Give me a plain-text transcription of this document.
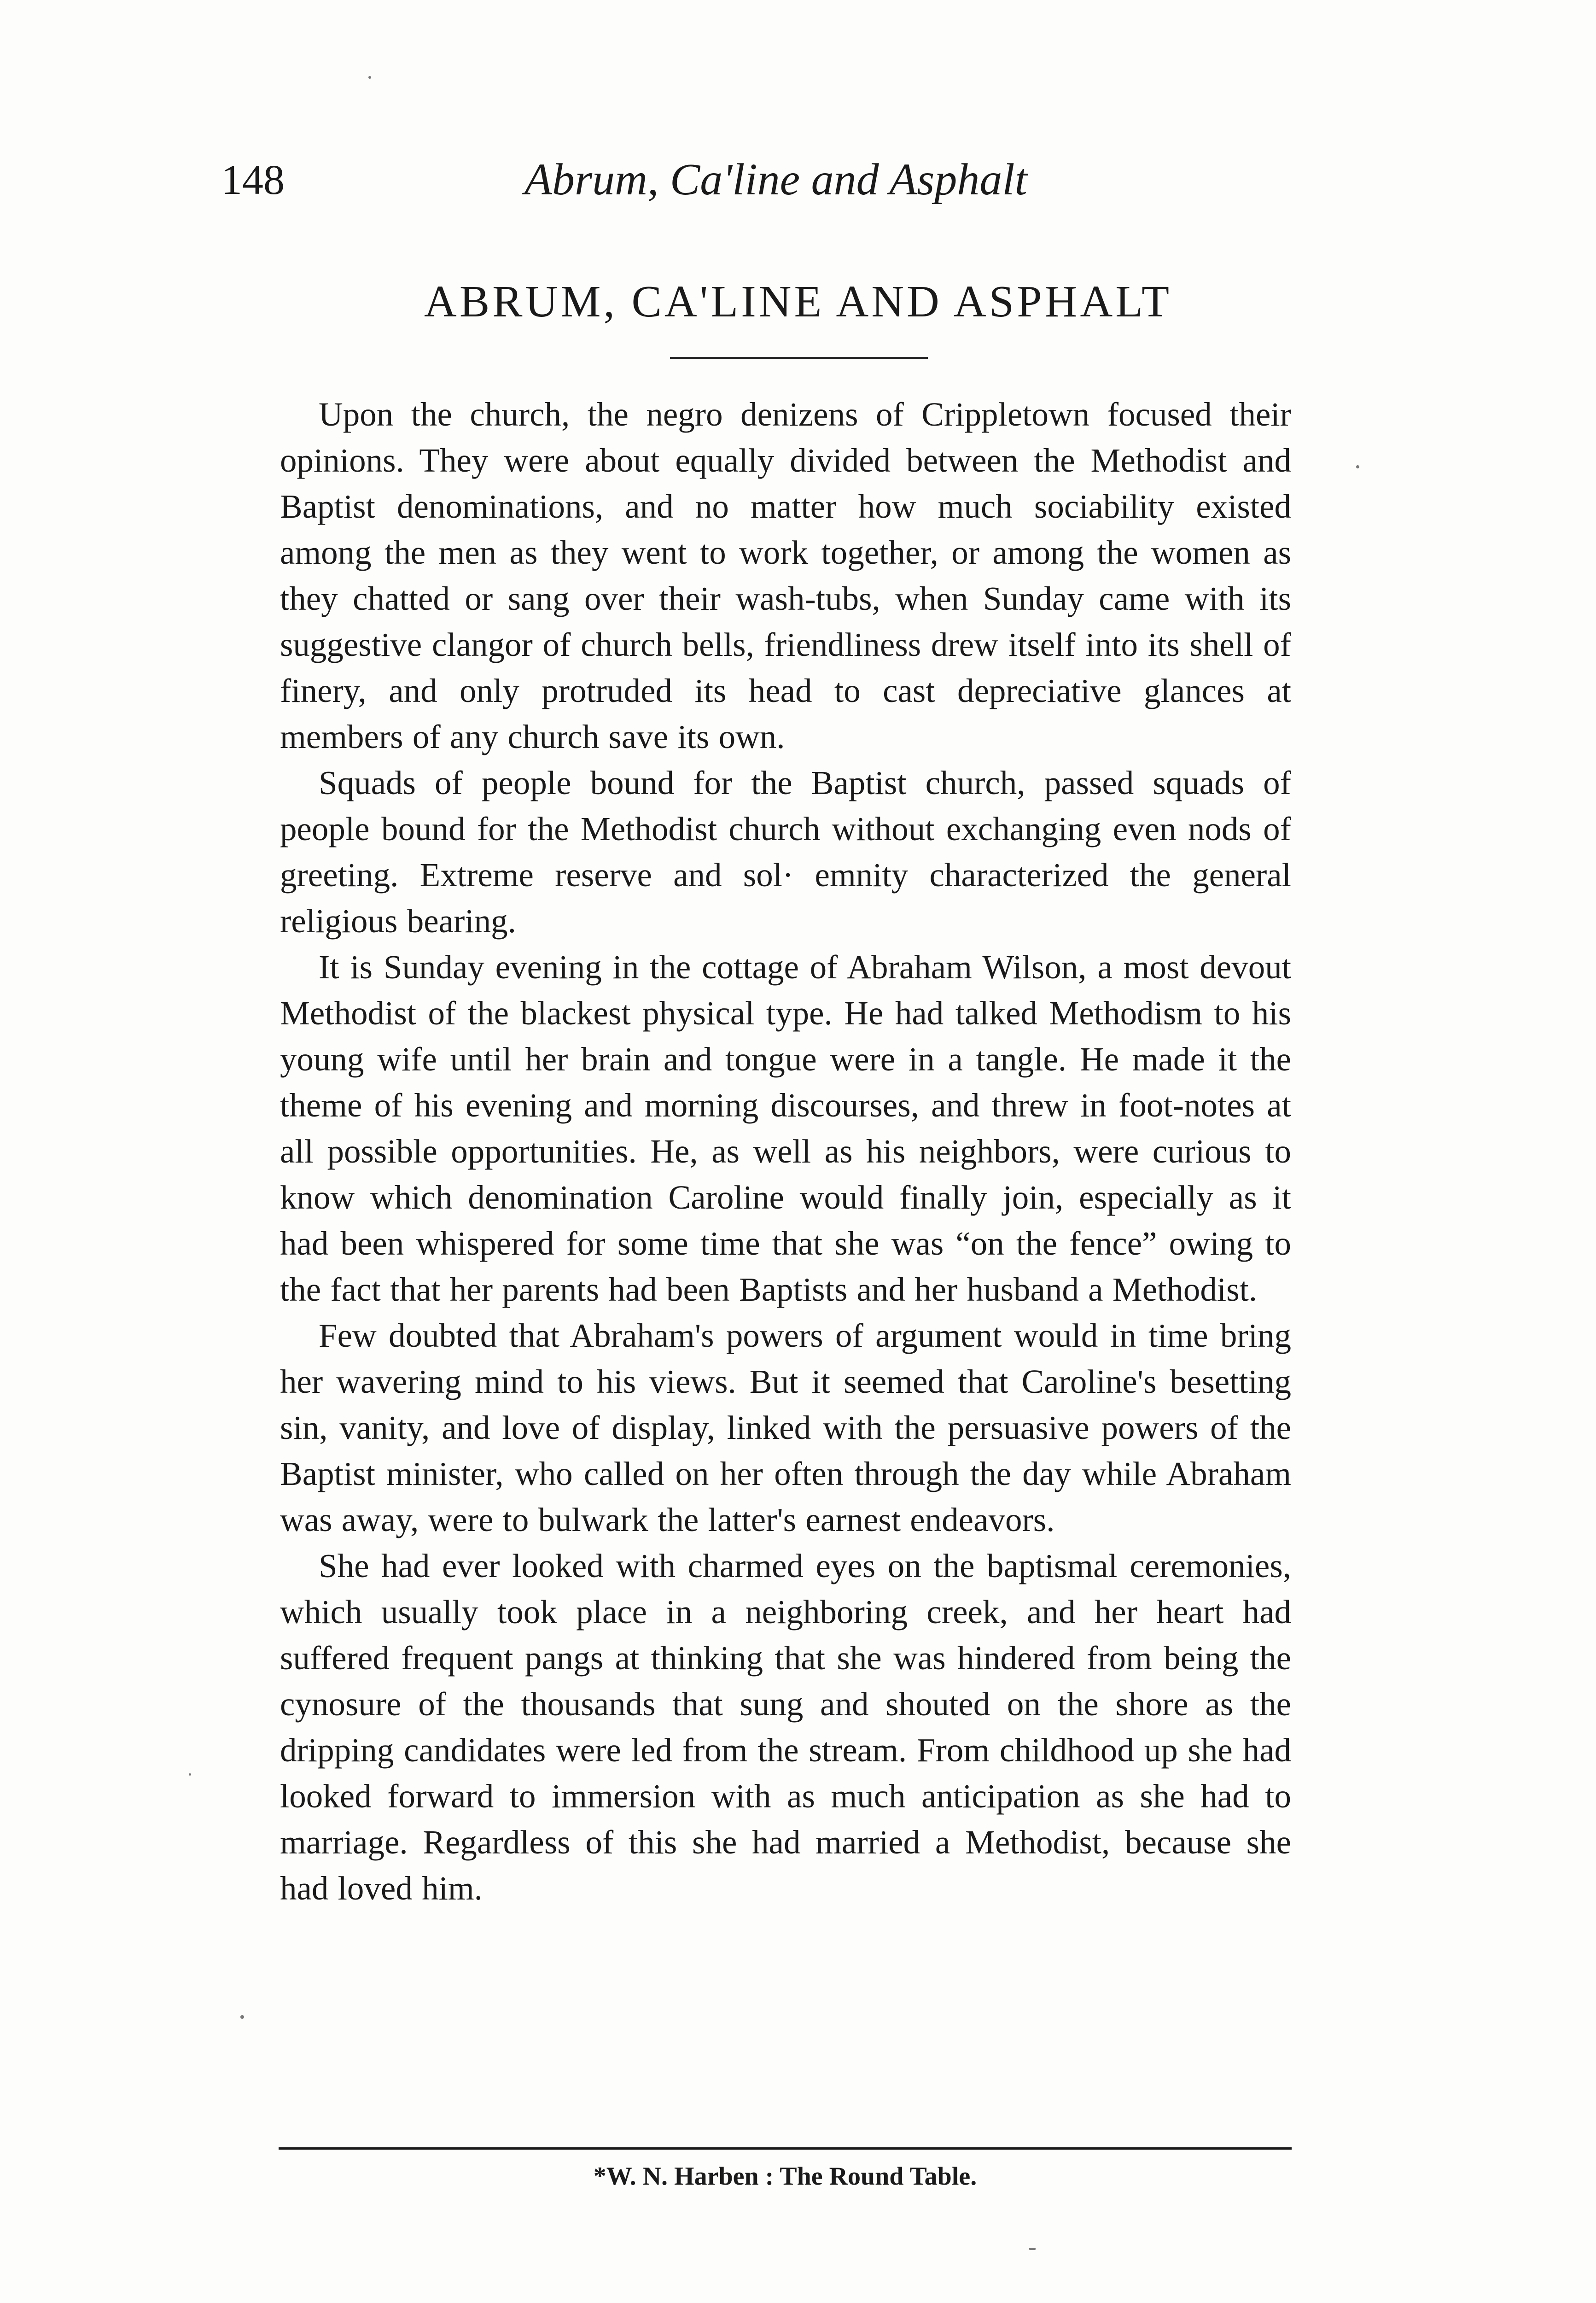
148	Abrum, Ca'line and Asphalt
ABRUM, CA'LINE AND ASPHALT

Upon the church, the negro denizens of Crippletown focused their opinions. They were about equally divided between the Methodist and Baptist denominations, and no matter how much sociability existed among the men as they went to work together, or among the women as they chatted or sang over their wash-tubs, when Sunday came with its suggestive clangor of church bells, friendliness drew itself into its shell of finery, and only protruded its head to cast depreciative glances at members of any church save its own.

Squads of people bound for the Baptist church, passed squads of people bound for the Methodist church without exchanging even nods of greeting. Extreme reserve and sol· emnity characterized the general religious bearing.

It is Sunday evening in the cottage of Abraham Wilson, a most devout Methodist of the blackest physical type. He had talked Methodism to his young wife until her brain and tongue were in a tangle. He made it the theme of his evening and morning discourses, and threw in foot-notes at all possible opportunities. He, as well as his neighbors, were curious to know which denomination Caroline would finally join, especially as it had been whispered for some time that she was “on the fence” owing to the fact that her parents had been Baptists and her husband a Methodist.

Few doubted that Abraham's powers of argument would in time bring her wavering mind to his views. But it seemed that Caroline's besetting sin, vanity, and love of display, linked with the persuasive powers of the Baptist minister, who called on her often through the day while Abraham was away, were to bulwark the latter's earnest endeavors.

She had ever looked with charmed eyes on the baptismal ceremonies, which usually took place in a neighboring creek, and her heart had suffered frequent pangs at thinking that she was hindered from being the cynosure of the thousands that sung and shouted on the shore as the dripping candidates were led from the stream. From childhood up she had looked forward to immersion with as much anticipation as she had to marriage. Regardless of this she had married a Methodist, because she had loved him.

*W. N. Harben : The Round Table.
